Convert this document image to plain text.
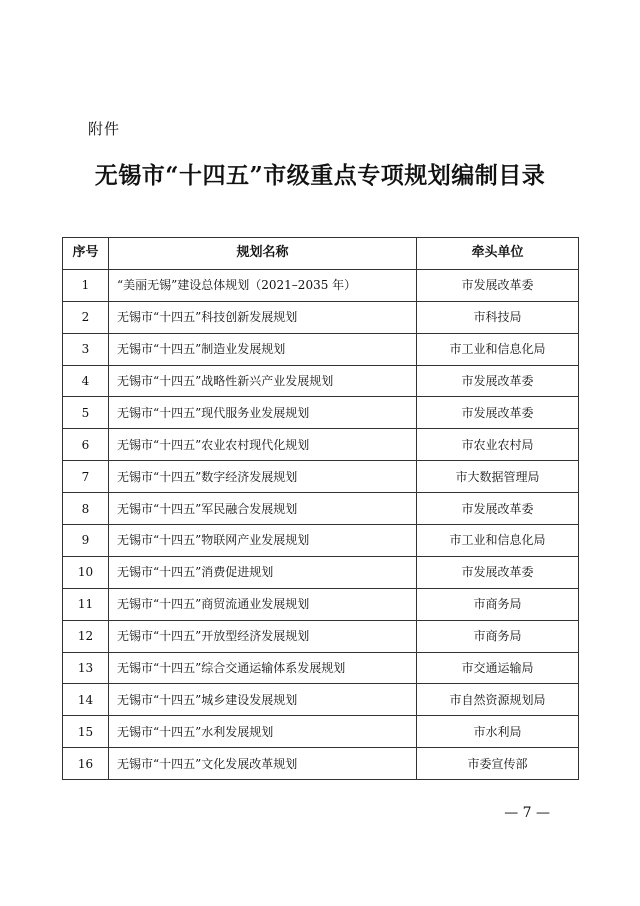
附件
无锡市“十四五”市级重点专项规划编制目录
序号	规划名称	牵头单位
1	“美丽无锡”建设总体规划（2021–2035 年）	市发展改革委
2	无锡市“十四五”科技创新发展规划	市科技局
3	无锡市“十四五”制造业发展规划	市工业和信息化局
4	无锡市“十四五”战略性新兴产业发展规划	市发展改革委
5	无锡市“十四五”现代服务业发展规划	市发展改革委
6	无锡市“十四五”农业农村现代化规划	市农业农村局
7	无锡市“十四五”数字经济发展规划	市大数据管理局
8	无锡市“十四五”军民融合发展规划	市发展改革委
9	无锡市“十四五”物联网产业发展规划	市工业和信息化局
10	无锡市“十四五”消费促进规划	市发展改革委
11	无锡市“十四五”商贸流通业发展规划	市商务局
12	无锡市“十四五”开放型经济发展规划	市商务局
13	无锡市“十四五”综合交通运输体系发展规划	市交通运输局
14	无锡市“十四五”城乡建设发展规划	市自然资源规划局
15	无锡市“十四五”水利发展规划	市水利局
16	无锡市“十四五”文化发展改革规划	市委宣传部
— 7 —
